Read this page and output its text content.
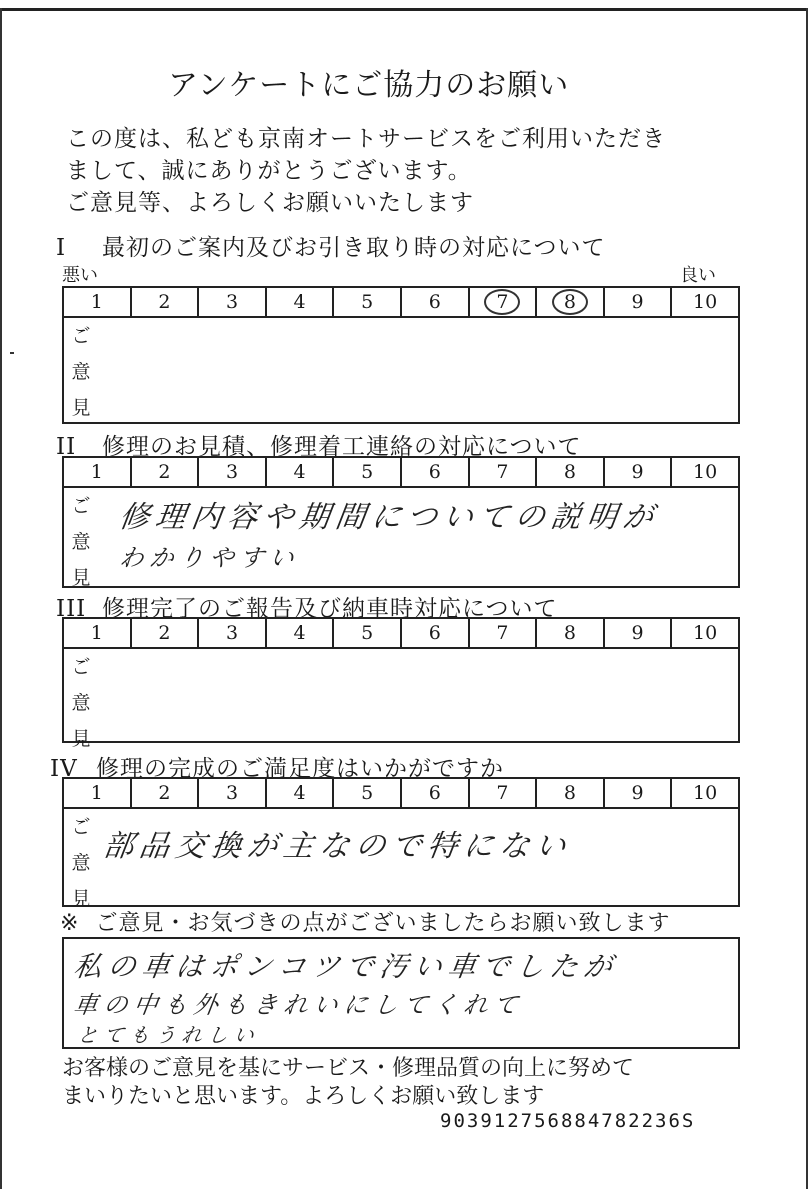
アンケートにご協力のお願い
この度は、私ども京南オートサービスをご利用いただき
まして、誠にありがとうございます。
ご意見等、よろしくお願いいたします
I 最初のご案内及びお引き取り時の対応について
悪い	良い
1	2	3	4	5	6	7	8	9	10
ご
意
見
II 修理のお見積、修理着工連絡の対応について
1	2	3	4	5	6	7	8	9	10
ご
意
見
修理内容や期間についての説明が
わかりやすい
III 修理完了のご報告及び納車時対応について
1	2	3	4	5	6	7	8	9	10
ご
意
見
IV 修理の完成のご満足度はいかがですか
1	2	3	4	5	6	7	8	9	10
ご
意
見
部品交換が主なので特にない
※ ご意見・お気づきの点がございましたらお願い致します
私の車はポンコツで汚い車でしたが
車の中も外もきれいにしてくれて
とてもうれしい
お客様のご意見を基にサービス・修理品質の向上に努めて
まいりたいと思います。よろしくお願い致します
903912756884782236S
